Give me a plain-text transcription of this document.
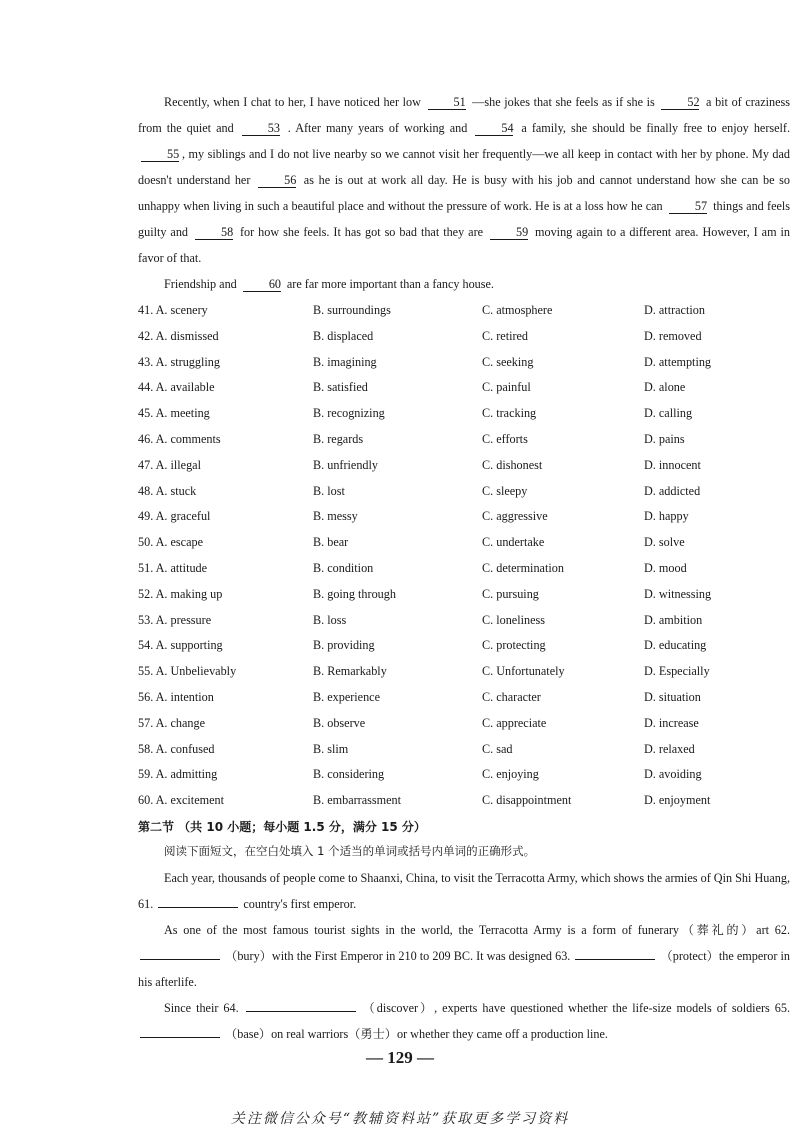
Recently, when I chat to her, I have noticed her low	51 —she jokes that she feels as if she is	52 a bit of craziness from the quiet and	53 . After many years of working and	54 a family, she should be finally free to enjoy herself. 55 , my siblings and I do not live nearby so we cannot visit her frequently—we all keep in contact with her by phone. My dad doesn't understand her	56 as he is out at work all day. He is busy with his job and cannot understand how she can be so unhappy when living in such a beautiful place and without the pressure of work. He is at a loss how he can	57 things and feels guilty and	58 for how she feels. It has got so bad that they are	59 moving again to a different area. However, I am in favor of that.

Friendship and	60 are far more important than a fancy house.

41. A. scenery	B. surroundings	C. atmosphere	D. attraction
42. A. dismissed	B. displaced	C. retired	D. removed
43. A. struggling	B. imagining	C. seeking	D. attempting
44. A. available	B. satisfied	C. painful	D. alone
45. A. meeting	B. recognizing	C. tracking	D. calling
46. A. comments	B. regards	C. efforts	D. pains
47. A. illegal	B. unfriendly	C. dishonest	D. innocent
48. A. stuck	B. lost	C. sleepy	D. addicted
49. A. graceful	B. messy	C. aggressive	D. happy
50. A. escape	B. bear	C. undertake	D. solve
51. A. attitude	B. condition	C. determination	D. mood
52. A. making up	B. going through	C. pursuing	D. witnessing
53. A. pressure	B. loss	C. loneliness	D. ambition
54. A. supporting	B. providing	C. protecting	D. educating
55. A. Unbelievably	B. Remarkably	C. Unfortunately	D. Especially
56. A. intention	B. experience	C. character	D. situation
57. A. change	B. observe	C. appreciate	D. increase
58. A. confused	B. slim	C. sad	D. relaxed
59. A. admitting	B. considering	C. enjoying	D. avoiding
60. A. excitement	B. embarrassment	C. disappointment	D. enjoyment

第二节 （共 10 小题；每小题 1.5 分，满分 15 分）

阅读下面短文，在空白处填入 1 个适当的单词或括号内单词的正确形式。

Each year, thousands of people come to Shaanxi, China, to visit the Terracotta Army, which shows the armies of Qin Shi Huang, 61.	country's first emperor.

As one of the most famous tourist sights in the world, the Terracotta Army is a form of funerary（葬礼的）art 62.  （bury）with the First Emperor in 210 to 209 BC. It was designed 63.	（protect）the emperor in his afterlife.

Since their 64.	（discover）, experts have questioned whether the life-size models of soldiers 65.  （base）on real warriors（勇士）or whether they came off a production line.

— 129 —

关注微信公众号“教辅资料站”获取更多学习资料
